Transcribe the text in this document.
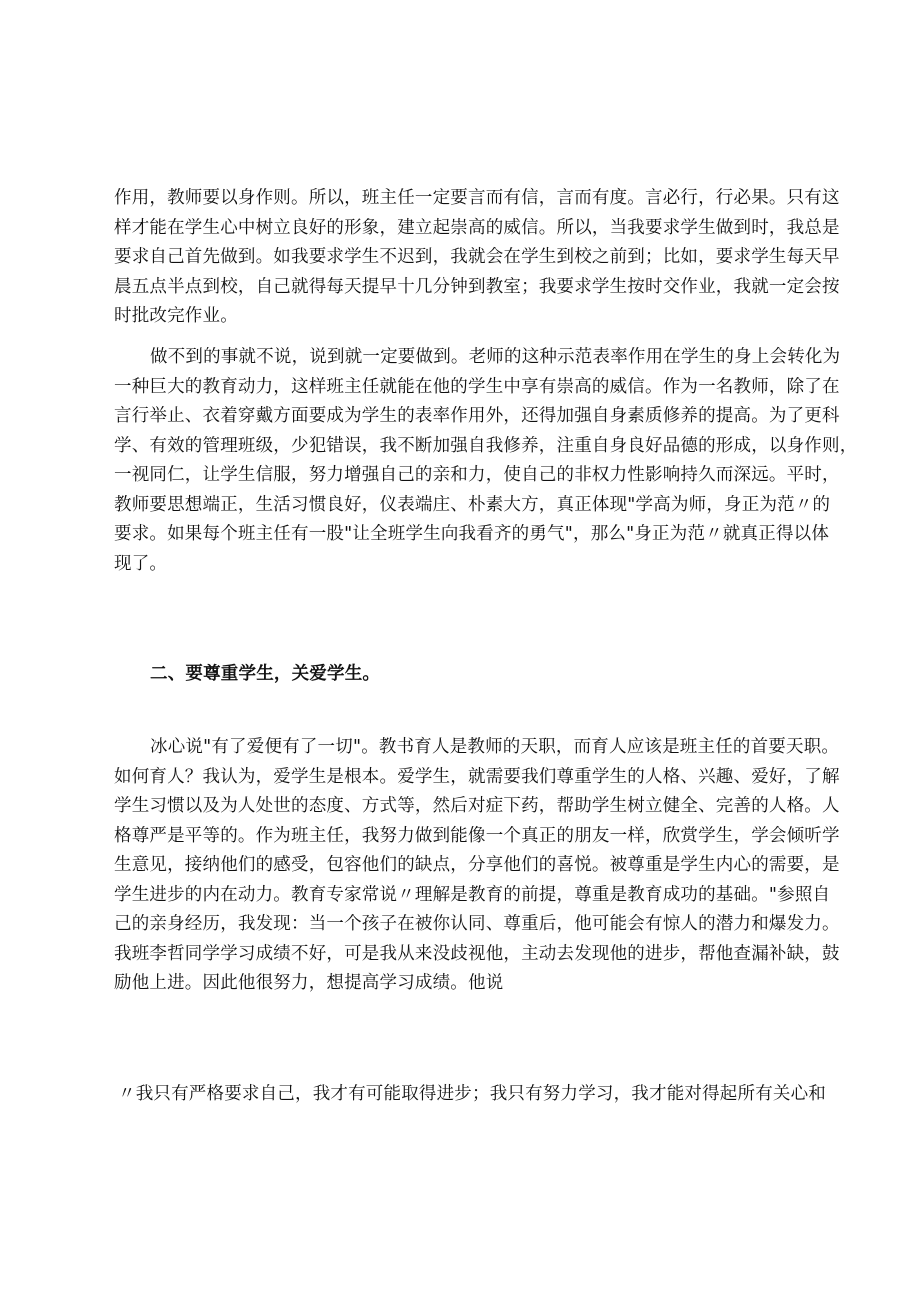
作用，教师要以身作则。所以，班主任一定要言而有信，言而有度。言必行，行必果。只有这
样才能在学生心中树立良好的形象，建立起崇高的威信。所以，当我要求学生做到时，我总是
要求自己首先做到。如我要求学生不迟到，我就会在学生到校之前到；比如，要求学生每天早
晨五点半点到校，自己就得每天提早十几分钟到教室；我要求学生按时交作业，我就一定会按
时批改完作业。
做不到的事就不说，说到就一定要做到。老师的这种示范表率作用在学生的身上会转化为
一种巨大的教育动力，这样班主任就能在他的学生中享有崇高的威信。作为一名教师，除了在
言行举止、衣着穿戴方面要成为学生的表率作用外，还得加强自身素质修养的提高。为了更科
学、有效的管理班级，少犯错误，我不断加强自我修养，注重自身良好品德的形成，以身作则，
一视同仁，让学生信服，努力增强自己的亲和力，使自己的非权力性影响持久而深远。平时，
教师要思想端正，生活习惯良好，仪表端庄、朴素大方，真正体现"学高为师，身正为范〃的
要求。如果每个班主任有一股"让全班学生向我看齐的勇气"，那么"身正为范〃就真正得以体
现了。
二、要尊重学生，关爱学生。
冰心说"有了爱便有了一切"。教书育人是教师的天职，而育人应该是班主任的首要天职。
如何育人？我认为，爱学生是根本。爱学生，就需要我们尊重学生的人格、兴趣、爱好，了解
学生习惯以及为人处世的态度、方式等，然后对症下药，帮助学生树立健全、完善的人格。人
格尊严是平等的。作为班主任，我努力做到能像一个真正的朋友一样，欣赏学生，学会倾听学
生意见，接纳他们的感受，包容他们的缺点，分享他们的喜悦。被尊重是学生内心的需要，是
学生进步的内在动力。教育专家常说〃理解是教育的前提，尊重是教育成功的基础。"参照自
己的亲身经历，我发现：当一个孩子在被你认同、尊重后，他可能会有惊人的潜力和爆发力。
我班李哲同学学习成绩不好，可是我从来没歧视他，主动去发现他的进步，帮他查漏补缺，鼓
励他上进。因此他很努力，想提高学习成绩。他说
〃我只有严格要求自己，我才有可能取得进步；我只有努力学习，我才能对得起所有关心和
